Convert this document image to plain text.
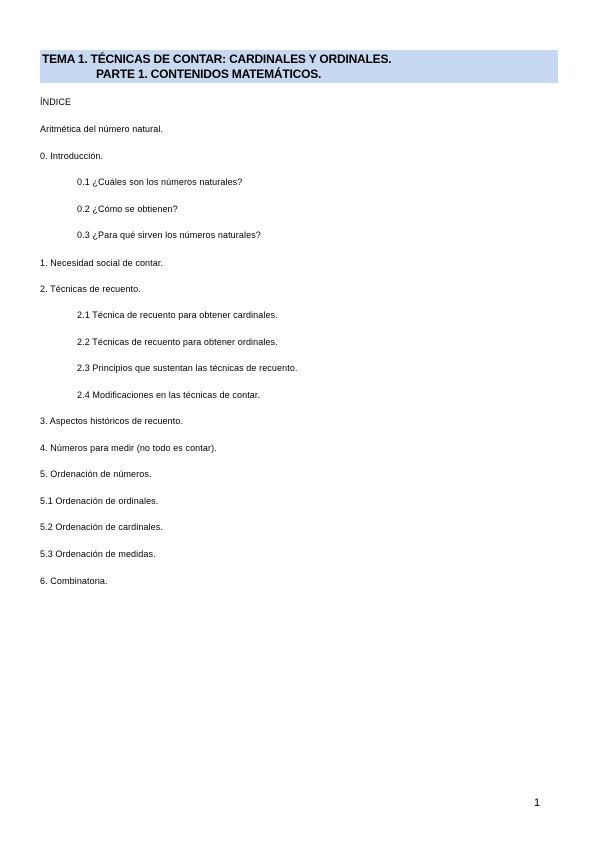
TEMA 1. TÉCNICAS DE CONTAR: CARDINALES Y ORDINALES.
PARTE 1. CONTENIDOS MATEMÁTICOS.
ÍNDICE
Aritmética del número natural.
0. Introducción.
0.1 ¿Cuáles son los números naturales?
0.2 ¿Cómo se obtienen?
0.3 ¿Para qué sirven los números naturales?
1. Necesidad social de contar.
2. Técnicas de recuento.
2.1 Técnica de recuento para obtener cardinales.
2.2 Técnicas de recuento para obtener ordinales.
2.3 Principios que sustentan las técnicas de recuento.
2.4 Modificaciones en las técnicas de contar.
3. Aspectos históricos de recuento.
4. Números para medir (no todo es contar).
5. Ordenación de números.
5.1 Ordenación de ordinales.
5.2 Ordenación de cardinales.
5.3 Ordenación de medidas.
6. Combinatoria.
1
